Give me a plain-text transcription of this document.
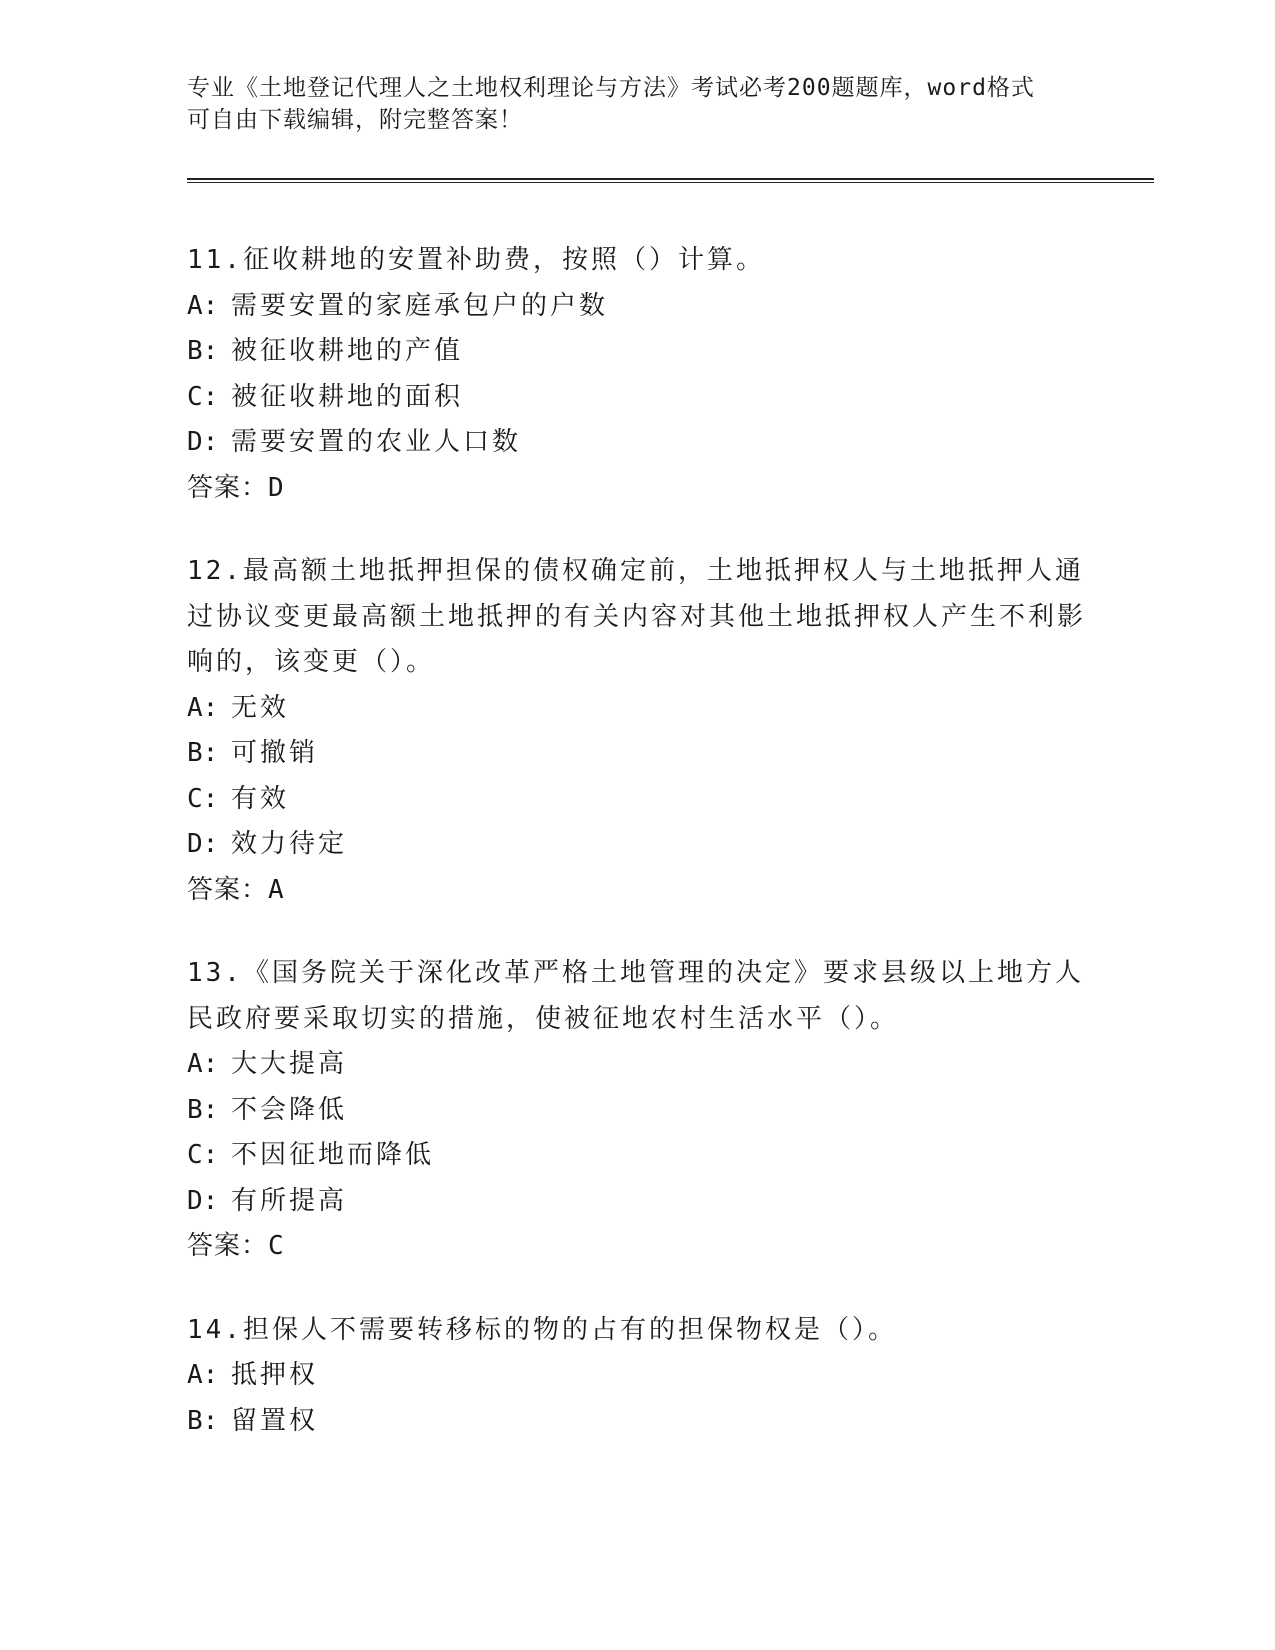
专业《土地登记代理人之土地权利理论与方法》考试必考200题题库，word格式
可自由下载编辑，附完整答案！
11.征收耕地的安置补助费，按照（）计算。
A: 需要安置的家庭承包户的户数
B: 被征收耕地的产值
C: 被征收耕地的面积
D: 需要安置的农业人口数
答案：D
12.最高额土地抵押担保的债权确定前，土地抵押权人与土地抵押人通过协议变更最高额土地抵押的有关内容对其他土地抵押权人产生不利影响的，该变更（）。
A: 无效
B: 可撤销
C: 有效
D: 效力待定
答案：A
13.《国务院关于深化改革严格土地管理的决定》要求县级以上地方人民政府要采取切实的措施，使被征地农村生活水平（）。
A: 大大提高
B: 不会降低
C: 不因征地而降低
D: 有所提高
答案：C
14.担保人不需要转移标的物的占有的担保物权是（）。
A: 抵押权
B: 留置权
